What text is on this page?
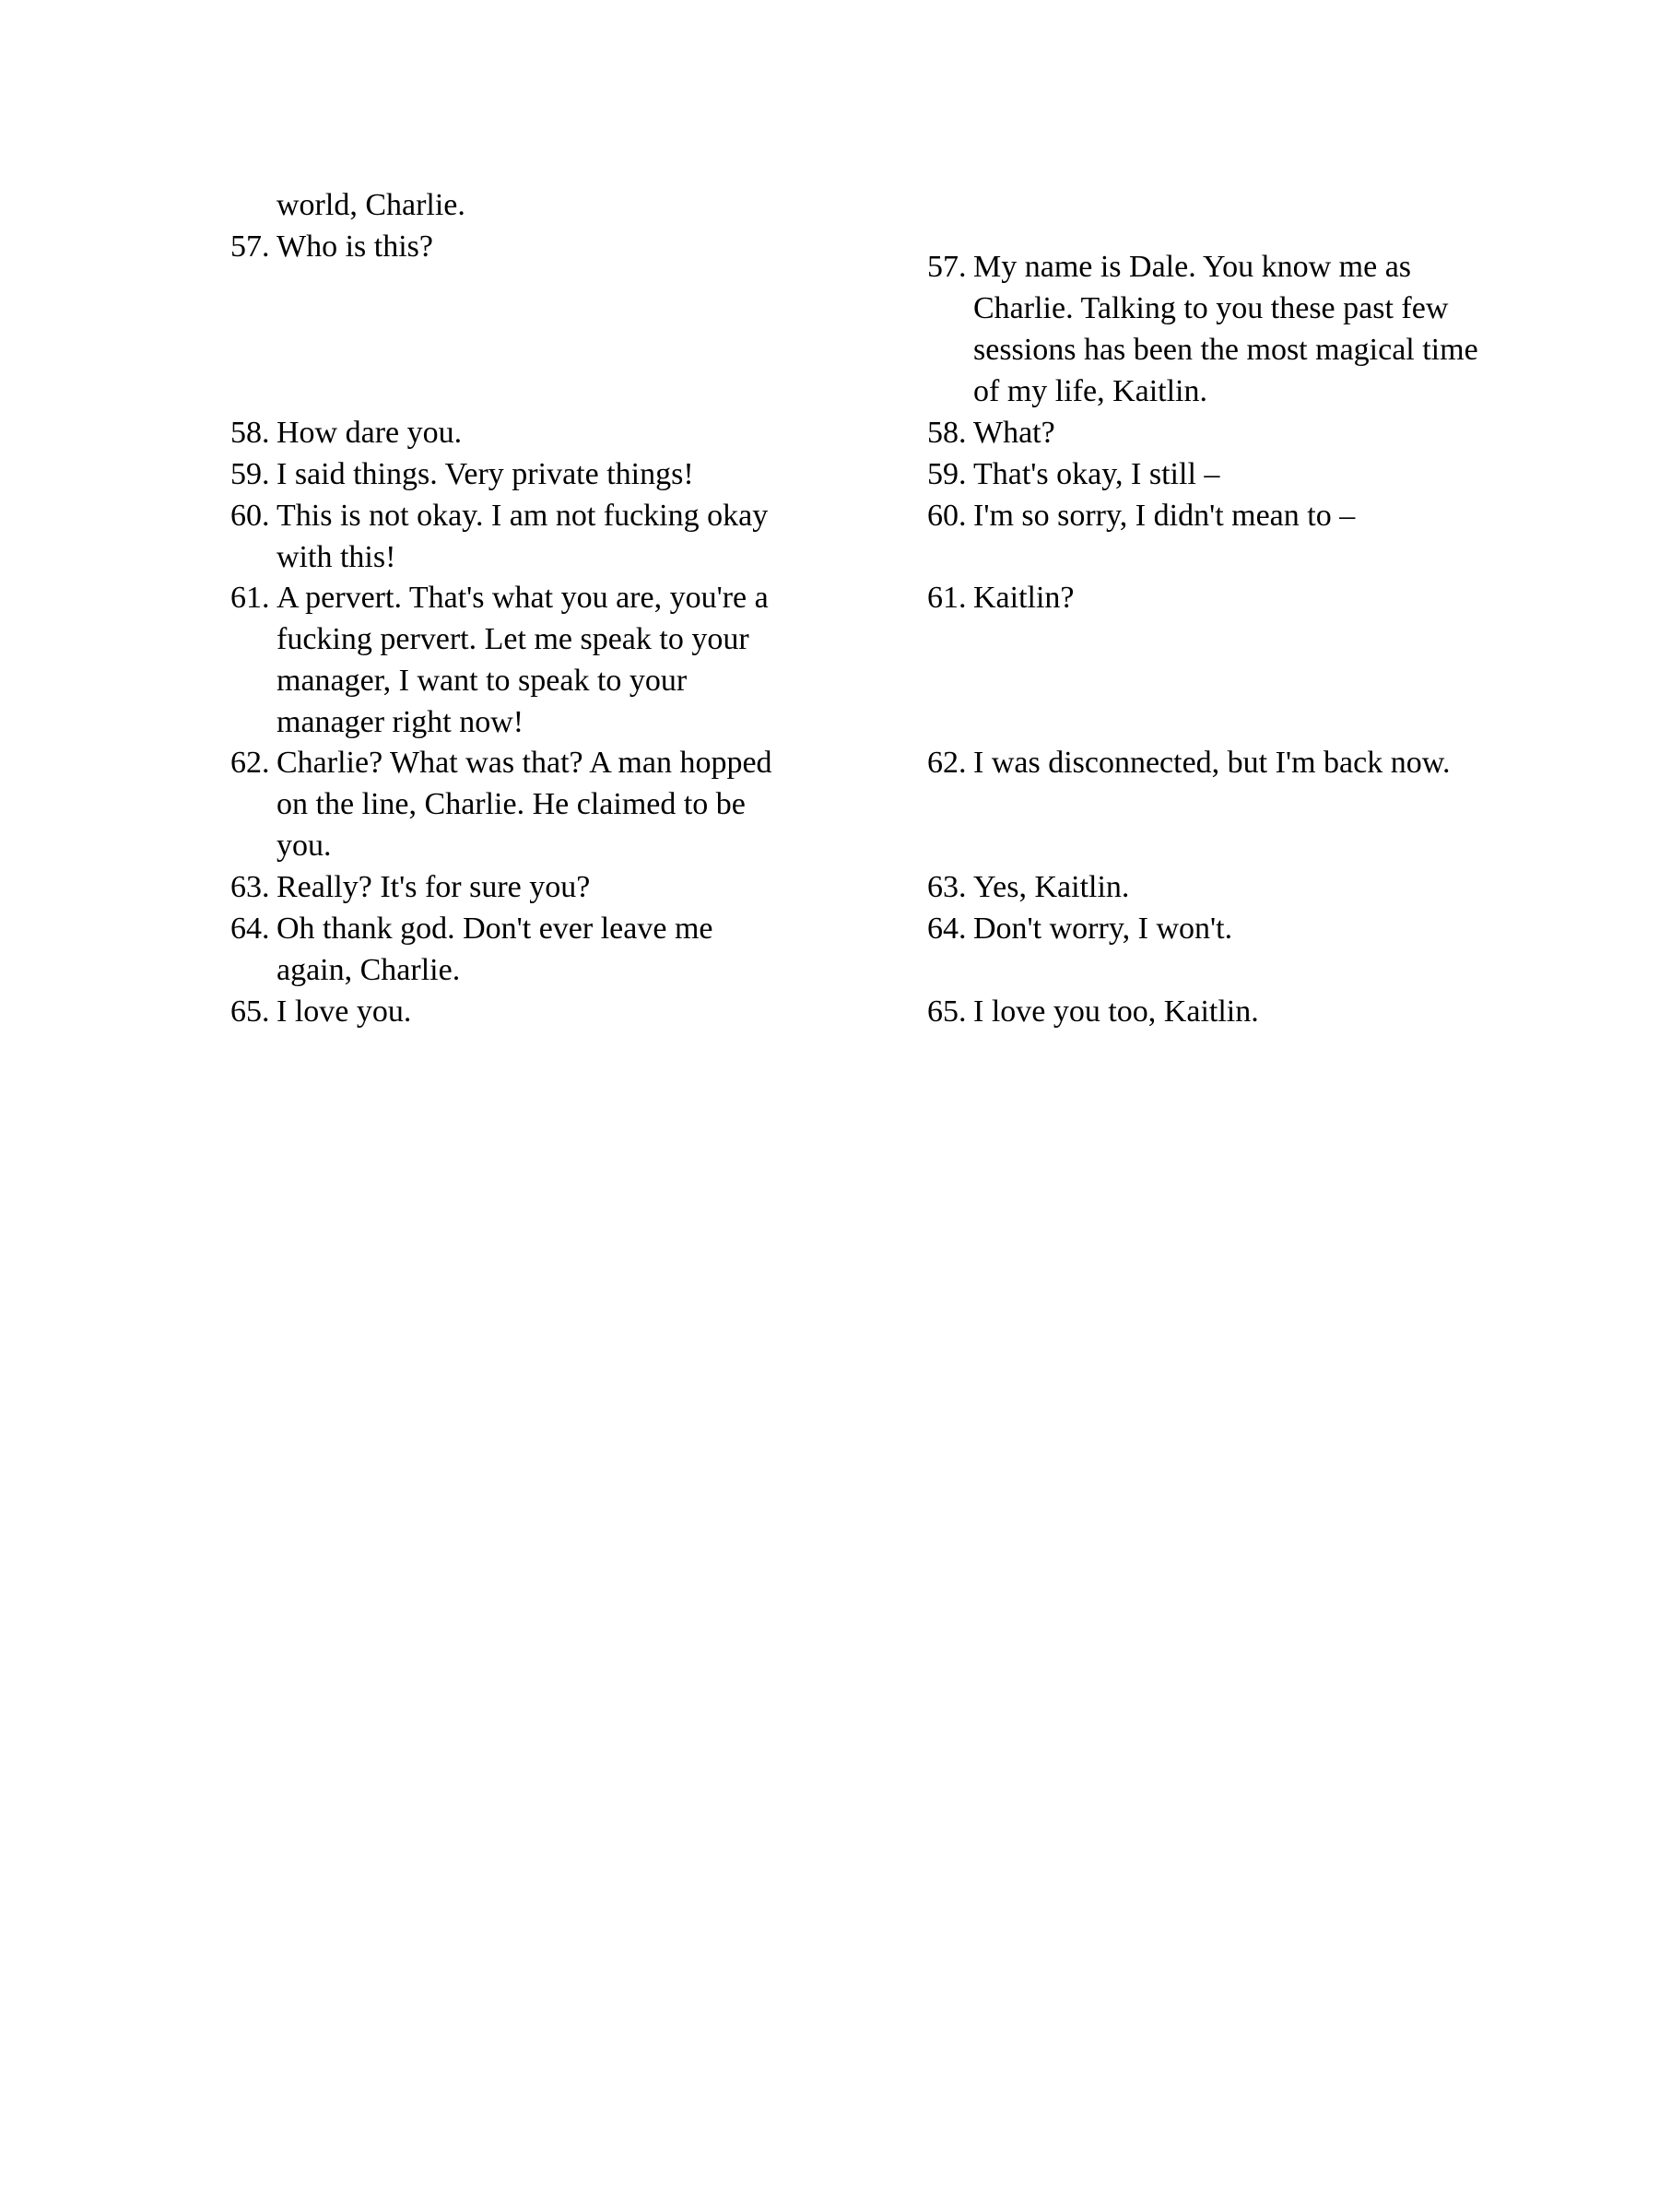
world, Charlie.
57. Who is this?
58. How dare you.
59. I said things. Very private things!
60. This is not okay. I am not fucking okay with this!
61. A pervert. That's what you are, you're a fucking pervert. Let me speak to your manager, I want to speak to your manager right now!
62. Charlie? What was that? A man hopped on the line, Charlie. He claimed to be you.
63. Really? It's for sure you?
64. Oh thank god. Don't ever leave me again, Charlie.
65. I love you.
57. My name is Dale. You know me as Charlie. Talking to you these past few sessions has been the most magical time of my life, Kaitlin.
58. What?
59. That's okay, I still –
60. I'm so sorry, I didn't mean to –
61. Kaitlin?
62. I was disconnected, but I'm back now.
63. Yes, Kaitlin.
64. Don't worry, I won't.
65. I love you too, Kaitlin.
